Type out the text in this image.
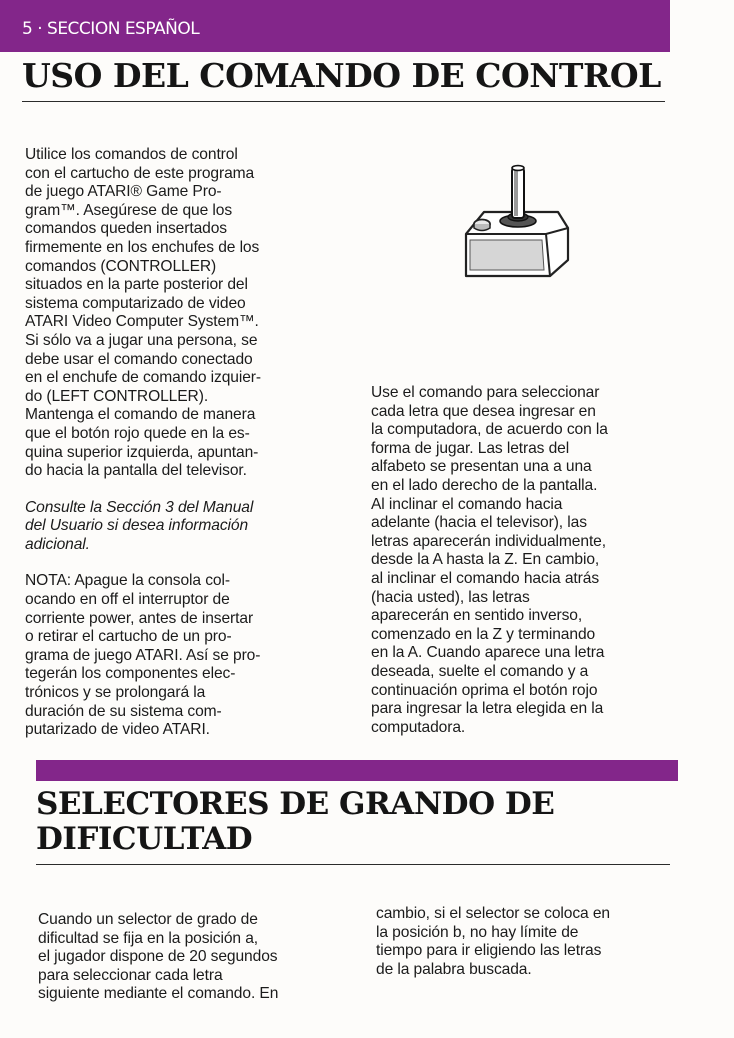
5 · SECCION ESPAÑOL
USO DEL COMANDO DE CONTROL
Utilice los comandos de control
con el cartucho de este programa
de juego ATARI® Game Pro-
gram™. Asegúrese de que los
comandos queden insertados
firmemente en los enchufes de los
comandos (CONTROLLER)
situados en la parte posterior del
sistema computarizado de video
ATARI Video Computer System™.
Si sólo va a jugar una persona, se
debe usar el comando conectado
en el enchufe de comando izquier-
do (LEFT CONTROLLER).
Mantenga el comando de manera
que el botón rojo quede en la es-
quina superior izquierda, apuntan-
do hacia la pantalla del televisor.
Consulte la Sección 3 del Manual
del Usuario si desea información
adicional.
NOTA: Apague la consola col-
ocando en off el interruptor de
corriente power, antes de insertar
o retirar el cartucho de un pro-
grama de juego ATARI. Así se pro-
tegerán los componentes elec-
trónicos y se prolongará la
duración de su sistema com-
putarizado de video ATARI.
Use el comando para seleccionar
cada letra que desea ingresar en
la computadora, de acuerdo con la
forma de jugar. Las letras del
alfabeto se presentan una a una
en el lado derecho de la pantalla.
Al inclinar el comando hacia
adelante (hacia el televisor), las
letras aparecerán individualmente,
desde la A hasta la Z. En cambio,
al inclinar el comando hacia atrás
(hacia usted), las letras
aparecerán en sentido inverso,
comenzado en la Z y terminando
en la A. Cuando aparece una letra
deseada, suelte el comando y a
continuación oprima el botón rojo
para ingresar la letra elegida en la
computadora.
SELECTORES DE GRANDO DE
DIFICULTAD
Cuando un selector de grado de
dificultad se fija en la posición a,
el jugador dispone de 20 segundos
para seleccionar cada letra
siguiente mediante el comando. En
cambio, si el selector se coloca en
la posición b, no hay límite de
tiempo para ir eligiendo las letras
de la palabra buscada.
